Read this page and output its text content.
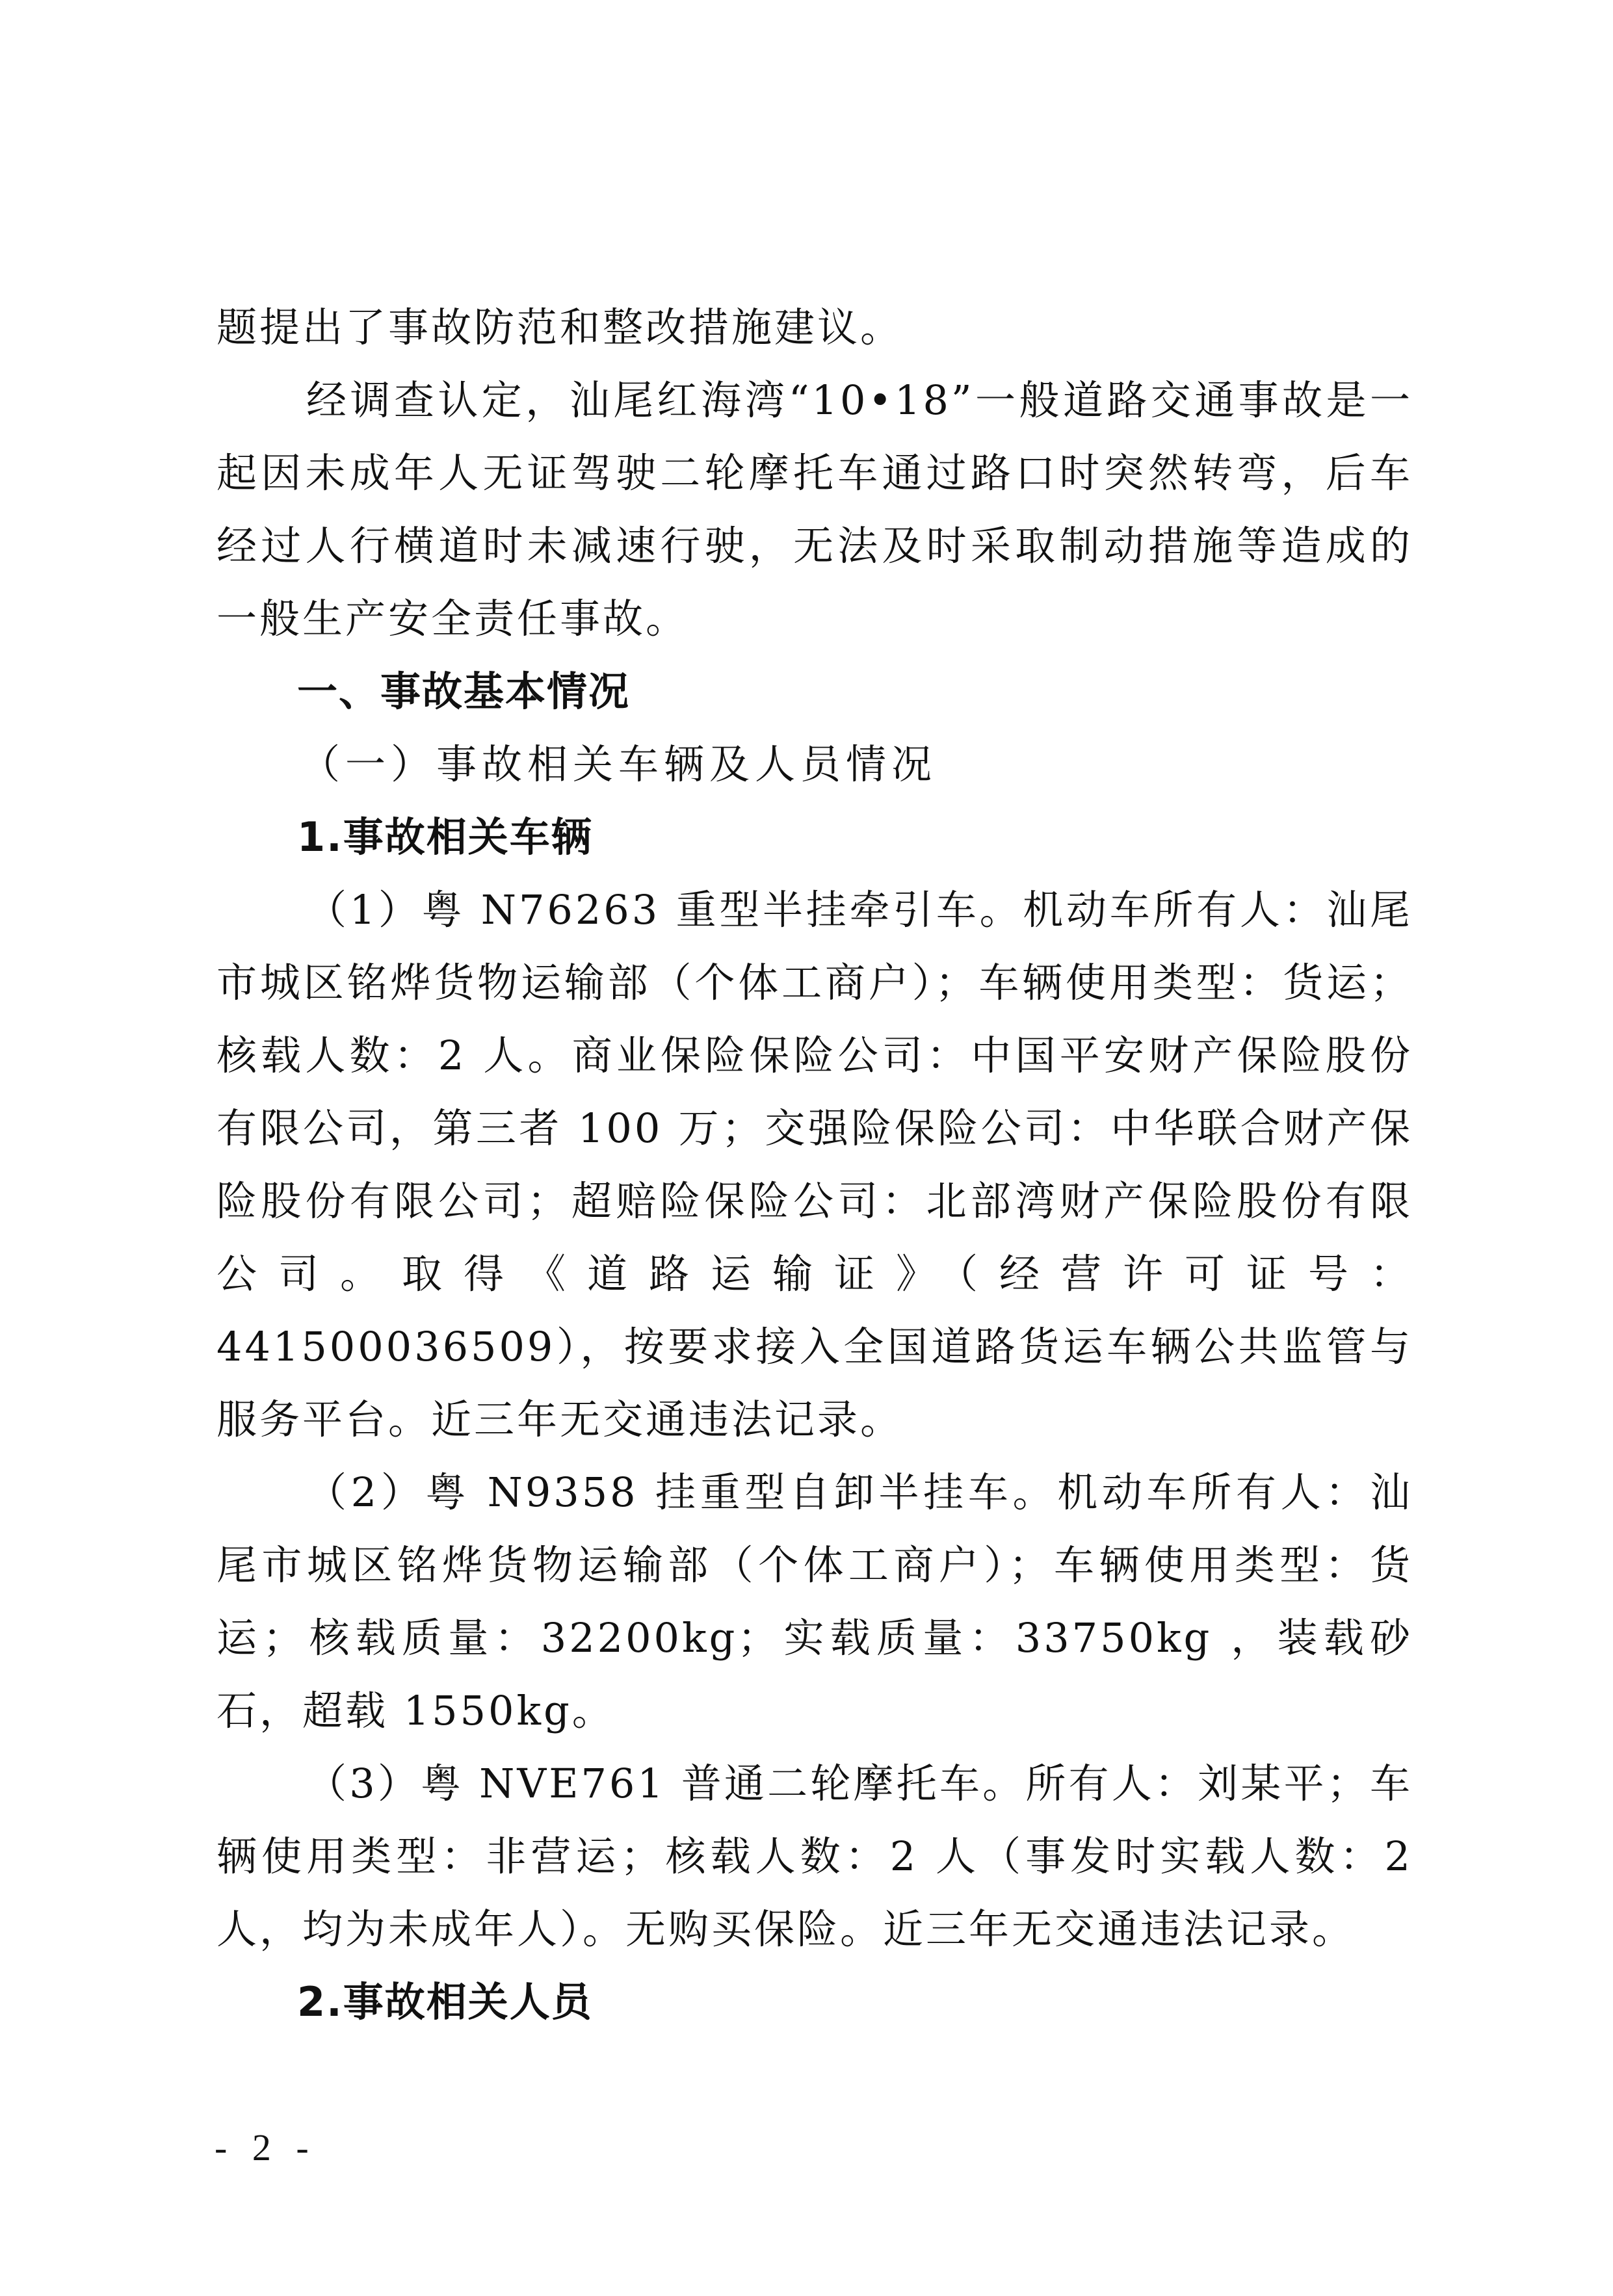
题提出了事故防范和整改措施建议。

经调查认定，汕尾红海湾“10•18”一般道路交通事故是一起因未成年人无证驾驶二轮摩托车通过路口时突然转弯，后车经过人行横道时未减速行驶，无法及时采取制动措施等造成的一般生产安全责任事故。

一、事故基本情况

（一）事故相关车辆及人员情况

1.事故相关车辆

（1）粤 N76263 重型半挂牵引车。机动车所有人：汕尾市城区铭烨货物运输部（个体工商户）；车辆使用类型：货运；核载人数：2 人。商业保险保险公司：中国平安财产保险股份有限公司，第三者 100 万；交强险保险公司：中华联合财产保险股份有限公司；超赔险保险公司：北部湾财产保险股份有限公司。取得《道路运输证》（经营许可证号：441500036509），按要求接入全国道路货运车辆公共监管与服务平台。近三年无交通违法记录。

（2）粤 N9358 挂重型自卸半挂车。机动车所有人：汕尾市城区铭烨货物运输部（个体工商户）；车辆使用类型：货运；核载质量：32200kg；实载质量：33750kg ，装载砂石，超载 1550kg。

（3）粤 NVE761 普通二轮摩托车。所有人：刘某平；车辆使用类型：非营运；核载人数：2 人（事发时实载人数：2 人，均为未成年人）。无购买保险。近三年无交通违法记录。

2.事故相关人员

- 2 -
